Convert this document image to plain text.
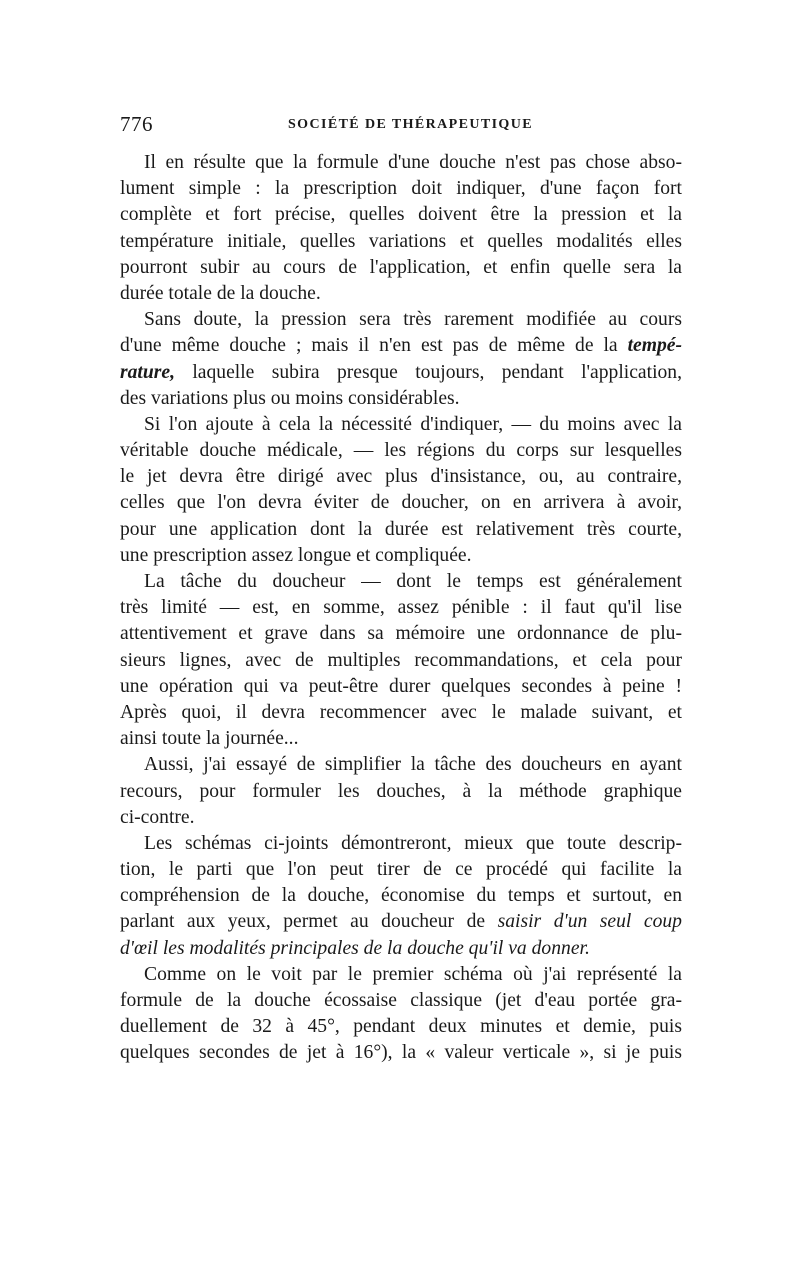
776	SOCIÉTÉ DE THÉRAPEUTIQUE
Il en résulte que la formule d'une douche n'est pas chose abso-
lument simple : la prescription doit indiquer, d'une façon fort
complète et fort précise, quelles doivent être la pression et la
température initiale, quelles variations et quelles modalités elles
pourront subir au cours de l'application, et enfin quelle sera la
durée totale de la douche.
Sans doute, la pression sera très rarement modifiée au cours
d'une même douche ; mais il n'en est pas de même de la tempé-
rature, laquelle subira presque toujours, pendant l'application,
des variations plus ou moins considérables.
Si l'on ajoute à cela la nécessité d'indiquer, — du moins avec la
véritable douche médicale, — les régions du corps sur lesquelles
le jet devra être dirigé avec plus d'insistance, ou, au contraire,
celles que l'on devra éviter de doucher, on en arrivera à avoir,
pour une application dont la durée est relativement très courte,
une prescription assez longue et compliquée.
La tâche du doucheur — dont le temps est généralement
très limité — est, en somme, assez pénible : il faut qu'il lise
attentivement et grave dans sa mémoire une ordonnance de plu-
sieurs lignes, avec de multiples recommandations, et cela pour
une opération qui va peut-être durer quelques secondes à peine !
Après quoi, il devra recommencer avec le malade suivant, et
ainsi toute la journée...
Aussi, j'ai essayé de simplifier la tâche des doucheurs en ayant
recours, pour formuler les douches, à la méthode graphique
ci-contre.
Les schémas ci-joints démontreront, mieux que toute descrip-
tion, le parti que l'on peut tirer de ce procédé qui facilite la
compréhension de la douche, économise du temps et surtout, en
parlant aux yeux, permet au doucheur de saisir d'un seul coup
d'œil les modalités principales de la douche qu'il va donner.
Comme on le voit par le premier schéma où j'ai représenté la
formule de la douche écossaise classique (jet d'eau portée gra-
duellement de 32 à 45°, pendant deux minutes et demie, puis
quelques secondes de jet à 16°), la « valeur verticale », si je puis
